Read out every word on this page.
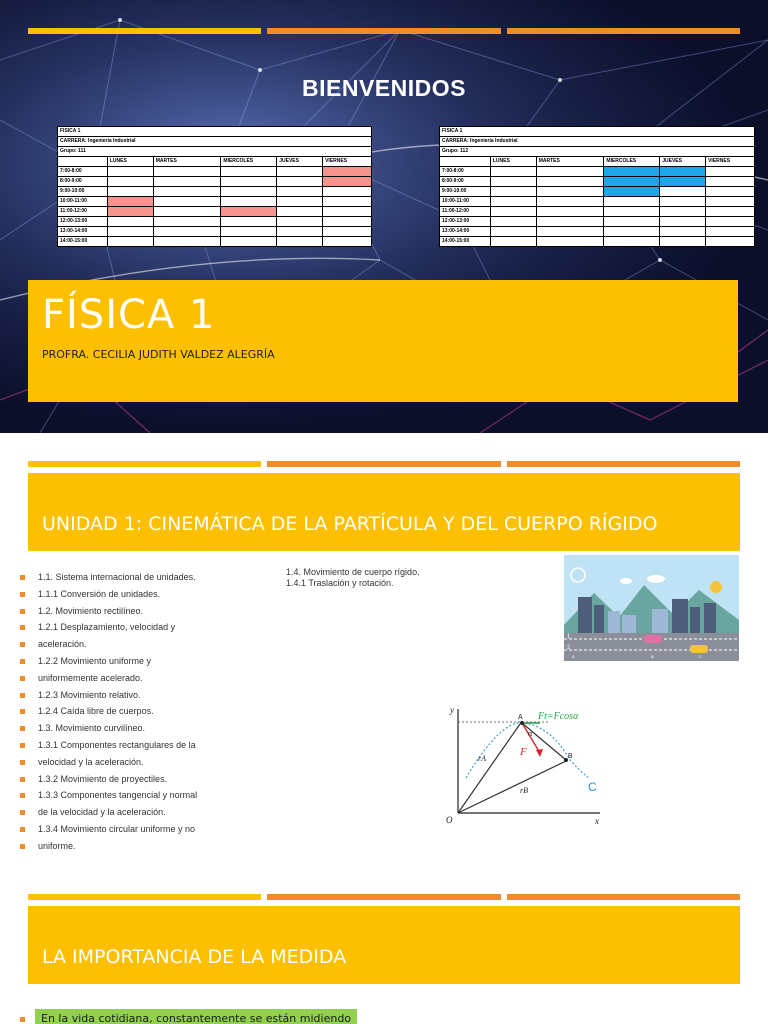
BIENVENIDOS
FISICA 1					
CARRERA: Ingeniería Industrial					
Grupo: 111					
	LUNES	MARTES	MIERCOLES	JUEVES	VIERNES
7:00-8:00					
8:00-9:00					
9:00-10:00					
10:00-11:00					
11:00-12:00					
12:00-13:00					
13:00-14:00					
14:00-15:00					
FISICA 1					
CARRERA: Ingeniería Industrial					
Grupo: 112					
	LUNES	MARTES	MIERCOLES	JUEVES	VIERNES
7:00-8:00					
8:00-9:00					
9:00-10:00					
10:00-11:00					
11:00-12:00					
12:00-13:00					
13:00-14:00					
14:00-15:00					
FÍSICA 1
PROFRA. CECILIA JUDITH VALDEZ ALEGRÍA
UNIDAD 1: CINEMÁTICA DE LA PARTÍCULA Y DEL CUERPO RÍGIDO
1.1. Sistema internacional de unidades.
1.1.1 Conversión de unidades.
1.2. Movimiento rectilíneo.
1.2.1 Desplazamiento, velocidad y
aceleración.
1.2.2 Movimiento uniforme y
uniformemente acelerado.
1.2.3 Movimiento relativo.
1.2.4 Caída libre de cuerpos.
1.3. Movimiento curvilíneo.
1.3.1 Componentes rectangulares de la
velocidad y la aceleración.
1.3.2 Movimiento de proyectiles.
1.3.3 Componentes tangencial y normal
de la velocidad y la aceleración.
1.3.4 Movimiento circular uniforme y no
uniforme.
1.4. Movimiento de cuerpo rígido.
1.4.1 Traslación y rotación.
1
2
A	B	C
y
x
O
A
B
C
α
F
Ft=Fcosα
rA
rB
LA IMPORTANCIA DE LA MEDIDA
En la vida cotidiana, constantemente se están midiendo
